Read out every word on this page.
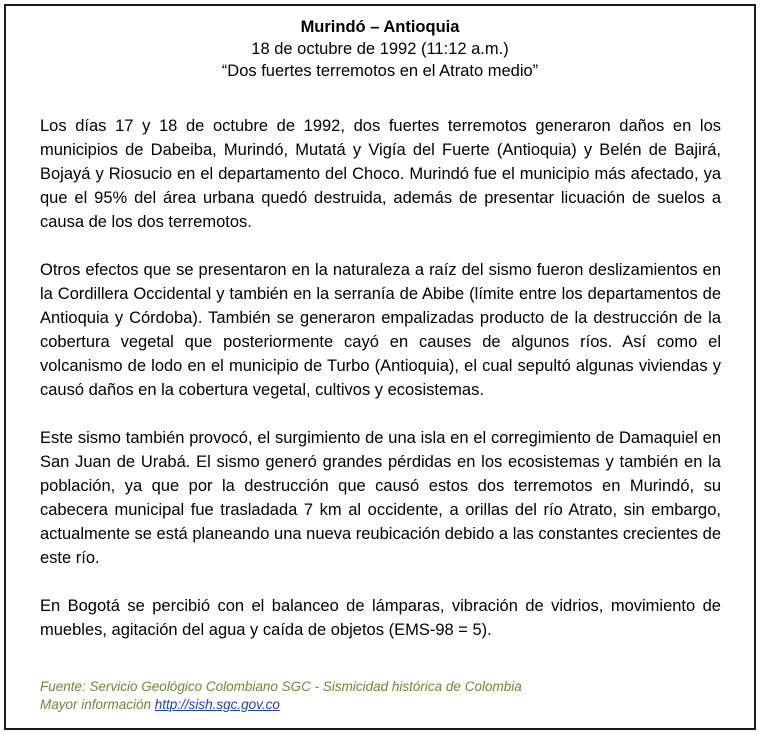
Murindó – Antioquia

18 de octubre de 1992 (11:12 a.m.)

“Dos fuertes terremotos en el Atrato medio”

Los días 17 y 18 de octubre de 1992, dos fuertes terremotos generaron daños en los municipios de Dabeiba, Murindó, Mutatá y Vigía del Fuerte (Antioquia) y Belén de Bajirá, Bojayá y Riosucio en el departamento del Choco. Murindó fue el municipio más afectado, ya que el 95% del área urbana quedó destruida, además de presentar licuación de suelos a causa de los dos terremotos.

Otros efectos que se presentaron en la naturaleza a raíz del sismo fueron deslizamientos en la Cordillera Occidental y también en la serranía de Abibe (límite entre los departamentos de Antioquia y Córdoba). También se generaron empalizadas producto de la destrucción de la cobertura vegetal que posteriormente cayó en causes de algunos ríos. Así como el volcanismo de lodo en el municipio de Turbo (Antioquia), el cual sepultó algunas viviendas y causó daños en la cobertura vegetal, cultivos y ecosistemas.

Este sismo también provocó, el surgimiento de una isla en el corregimiento de Damaquiel en San Juan de Urabá. El sismo generó grandes pérdidas en los ecosistemas y también en la población, ya que por la destrucción que causó estos dos terremotos en Murindó, su cabecera municipal fue trasladada 7 km al occidente, a orillas del río Atrato, sin embargo, actualmente se está planeando una nueva reubicación debido a las constantes crecientes de este río.

En Bogotá se percibió con el balanceo de lámparas, vibración de vidrios, movimiento de muebles, agitación del agua y caída de objetos (EMS-98 = 5).

Fuente: Servicio Geológico Colombiano SGC - Sismicidad histórica de Colombia
Mayor información http://sish.sgc.gov.co
